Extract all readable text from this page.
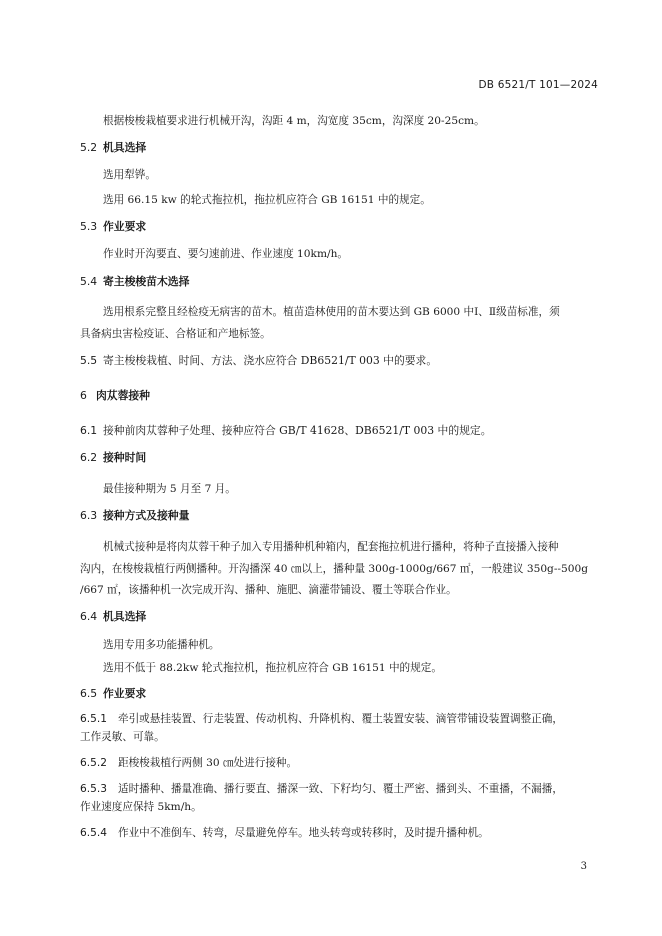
DB 6521/T 101—2024
根据梭梭栽植要求进行机械开沟，沟距 4 m，沟宽度 35cm，沟深度 20-25cm。
5.2 机具选择
选用犁铧。
选用 66.15 kw 的轮式拖拉机，拖拉机应符合 GB 16151 中的规定。
5.3 作业要求
作业时开沟要直、要匀速前进、作业速度 10km/h。
5.4 寄主梭梭苗木选择
选用根系完整且经检疫无病害的苗木。植苗造林使用的苗木要达到 GB 6000 中Ⅰ、Ⅱ级苗标准，须
具备病虫害检疫证、合格证和产地标签。
5.5 寄主梭梭栽植、时间、方法、浇水应符合 DB6521/T 003 中的要求。
6 肉苁蓉接种
6.1 接种前肉苁蓉种子处理、接种应符合 GB/T 41628、DB6521/T 003 中的规定。
6.2 接种时间
最佳接种期为 5 月至 7 月。
6.3 接种方式及接种量
机械式接种是将肉苁蓉干种子加入专用播种机种箱内，配套拖拉机进行播种，将种子直接播入接种
沟内，在梭梭栽植行两侧播种。开沟播深 40 ㎝以上，播种量 300g-1000g/667 ㎡，一般建议 350g--500g
/667 ㎡，该播种机一次完成开沟、播种、施肥、滴灌带铺设、覆土等联合作业。
6.4 机具选择
选用专用多功能播种机。
选用不低于 88.2kw 轮式拖拉机，拖拉机应符合 GB 16151 中的规定。
6.5 作业要求
6.5.1 牵引或悬挂装置、行走装置、传动机构、升降机构、覆土装置安装、滴管带铺设装置调整正确，
工作灵敏、可靠。
6.5.2 距梭梭栽植行两侧 30 ㎝处进行接种。
6.5.3 适时播种、播量准确、播行要直、播深一致、下籽均匀、覆土严密、播到头、不重播，不漏播，
作业速度应保持 5km/h。
6.5.4 作业中不准倒车、转弯，尽量避免停车。地头转弯或转移时，及时提升播种机。
3
